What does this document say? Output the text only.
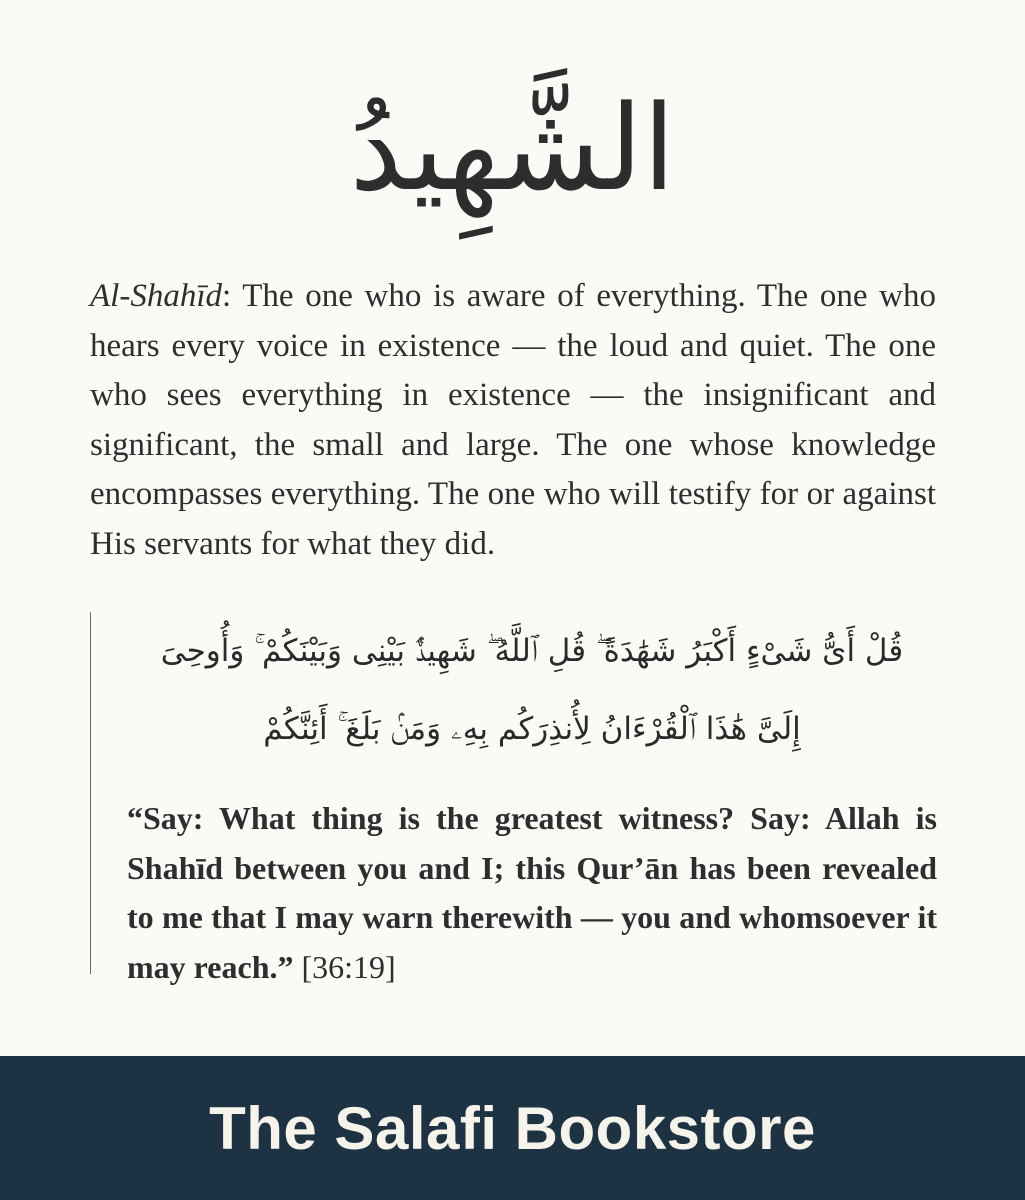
الشَّهِيدُ

Al-Shahīd: The one who is aware of everything. The one who hears every voice in existence — the loud and quiet. The one who sees everything in existence — the insignificant and significant, the small and large. The one whose knowledge encompasses everything. The one who will testify for or against His servants for what they did.

قُلْ أَىُّ شَىْءٍ أَكْبَرُ شَهَٰدَةً ۖ قُلِ ٱللَّهُ ۖ شَهِيدٌۢ بَيْنِى وَبَيْنَكُمْ ۚ وَأُوحِىَ
إِلَىَّ هَٰذَا ٱلْقُرْءَانُ لِأُنذِرَكُم بِهِۦ وَمَنۢ بَلَغَ ۚ أَئِنَّكُمْ

“Say: What thing is the greatest witness? Say: Allah is Shahīd between you and I; this Qur’ān has been revealed to me that I may warn therewith — you and whomsoever it may reach.” [36:19]

The Salafi Bookstore
